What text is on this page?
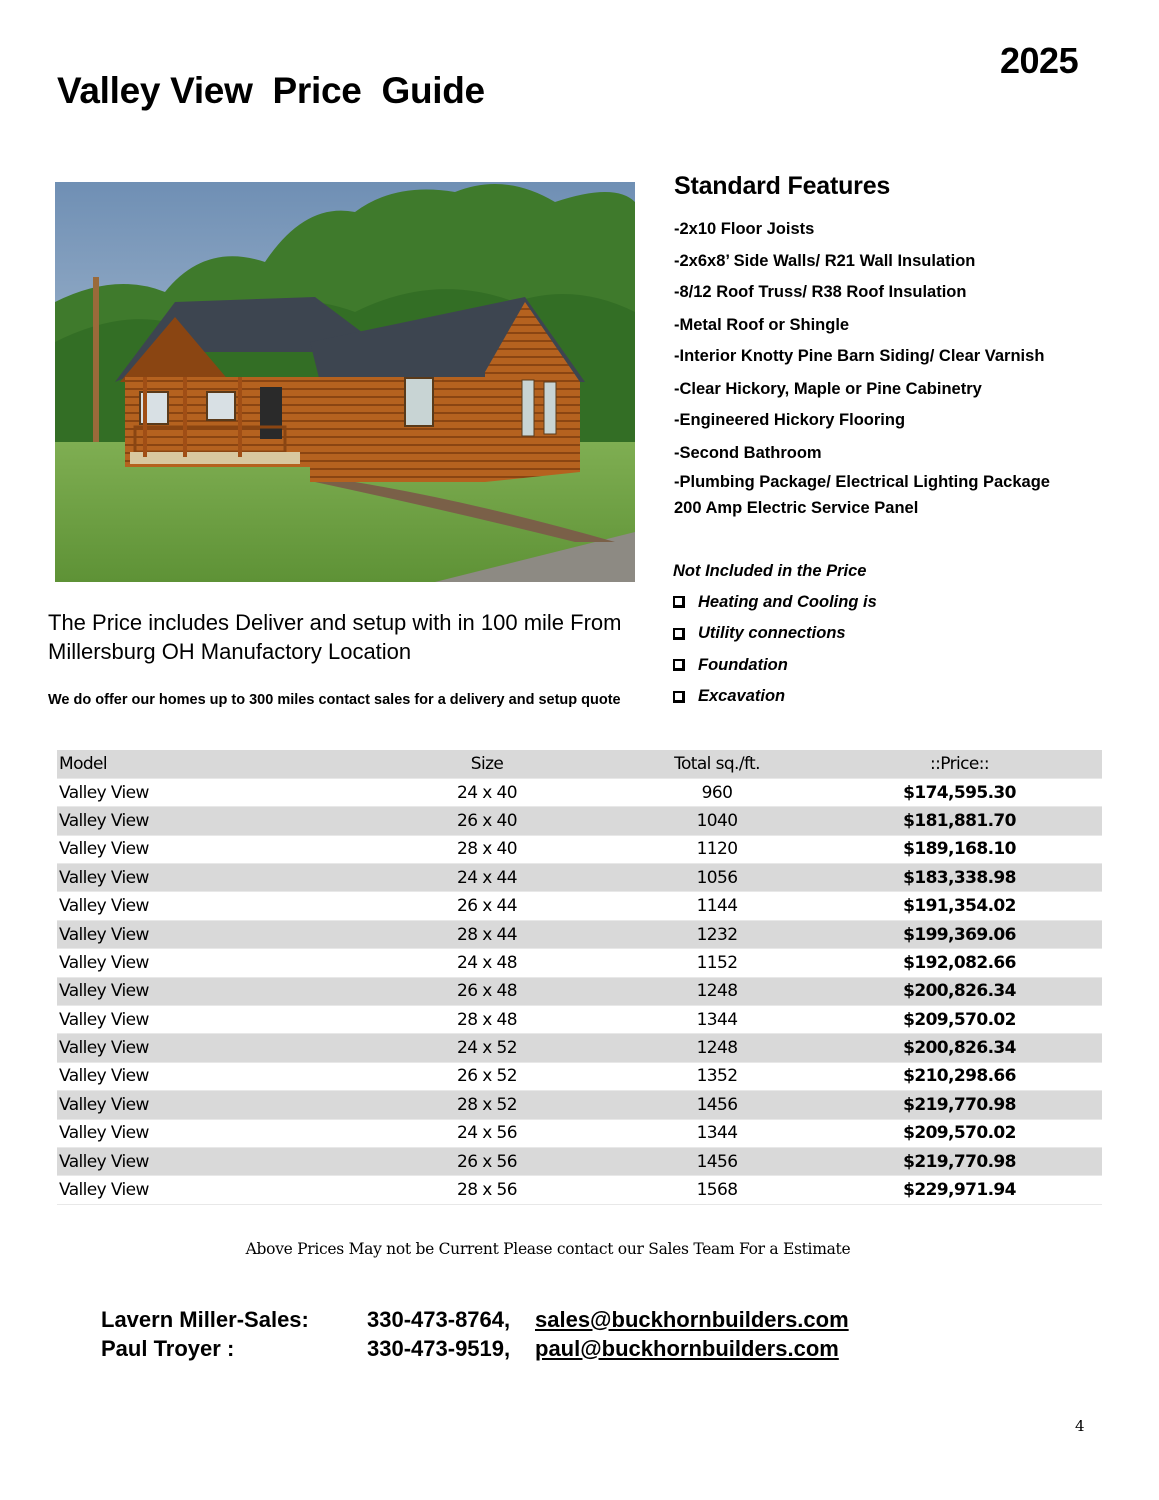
Valley View  Price  Guide
2025
Standard Features
-2x10 Floor Joists
-2x6x8’ Side Walls/ R21 Wall Insulation
-8/12 Roof Truss/ R38 Roof Insulation
-Metal Roof or Shingle
-Interior Knotty Pine Barn Siding/ Clear Varnish
-Clear Hickory, Maple or Pine Cabinetry
-Engineered Hickory Flooring
-Second Bathroom
-Plumbing Package/ Electrical Lighting Package
200 Amp Electric Service Panel
Not Included in the Price
Heating and Cooling is
Utility connections
Foundation
Excavation
The Price includes Deliver and setup with in 100 mile From Millersburg OH Manufactory Location
We do offer our homes up to 300 miles contact sales for a delivery and setup quote
Model	Size	Total sq./ft.	::Price::
Valley View	24 x 40	960	$174,595.30
Valley View	26 x 40	1040	$181,881.70
Valley View	28 x 40	1120	$189,168.10
Valley View	24 x 44	1056	$183,338.98
Valley View	26 x 44	1144	$191,354.02
Valley View	28 x 44	1232	$199,369.06
Valley View	24 x 48	1152	$192,082.66
Valley View	26 x 48	1248	$200,826.34
Valley View	28 x 48	1344	$209,570.02
Valley View	24 x 52	1248	$200,826.34
Valley View	26 x 52	1352	$210,298.66
Valley View	28 x 52	1456	$219,770.98
Valley View	24 x 56	1344	$209,570.02
Valley View	26 x 56	1456	$219,770.98
Valley View	28 x 56	1568	$229,971.94
Above Prices May not be Current Please contact our Sales Team For a Estimate
Lavern Miller-Sales:	330-473-8764,	sales@buckhornbuilders.com
Paul Troyer :	330-473-9519,	paul@buckhornbuilders.com
4
